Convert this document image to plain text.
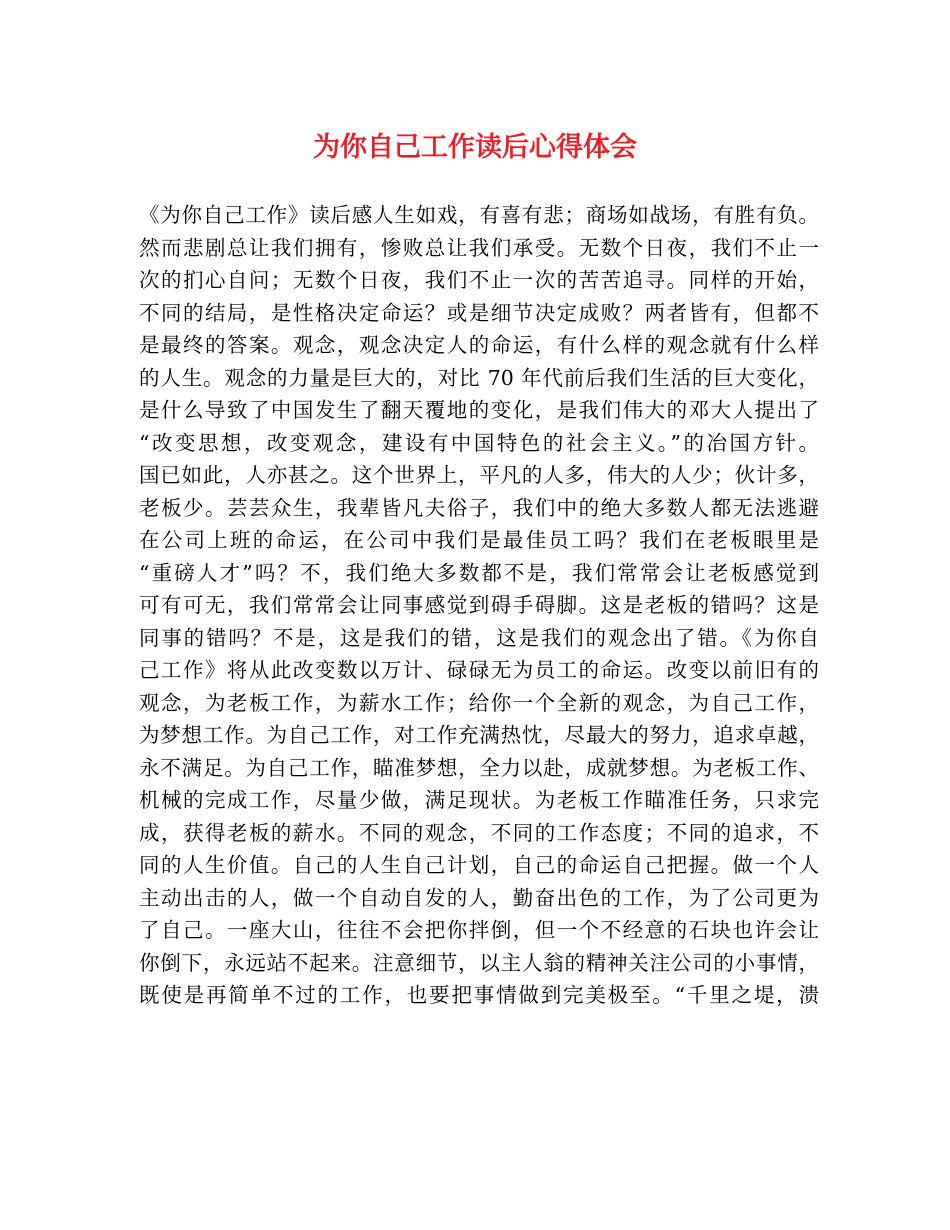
为你自己工作读后心得体会
《为你自己工作》读后感人生如戏，有喜有悲；商场如战场，有胜有负。
然而悲剧总让我们拥有，惨败总让我们承受。无数个日夜，我们不止一
次的扪心自问；无数个日夜，我们不止一次的苦苦追寻。同样的开始，
不同的结局，是性格决定命运？或是细节决定成败？两者皆有，但都不
是最终的答案。观念，观念决定人的命运，有什么样的观念就有什么样
的人生。观念的力量是巨大的，对比 70 年代前后我们生活的巨大变化，
是什么导致了中国发生了翻天覆地的变化，是我们伟大的邓大人提出了
“改变思想，改变观念，建设有中国特色的社会主义。”的冶国方针。
国已如此，人亦甚之。这个世界上，平凡的人多，伟大的人少；伙计多，
老板少。芸芸众生，我辈皆凡夫俗子，我们中的绝大多数人都无法逃避
在公司上班的命运，在公司中我们是最佳员工吗？我们在老板眼里是
“重磅人才”吗？不，我们绝大多数都不是，我们常常会让老板感觉到
可有可无，我们常常会让同事感觉到碍手碍脚。这是老板的错吗？这是
同事的错吗？不是，这是我们的错，这是我们的观念出了错。《为你自
己工作》将从此改变数以万计、碌碌无为员工的命运。改变以前旧有的
观念，为老板工作，为薪水工作；给你一个全新的观念，为自己工作，
为梦想工作。为自己工作，对工作充满热忱，尽最大的努力，追求卓越，
永不满足。为自己工作，瞄准梦想，全力以赴，成就梦想。为老板工作、
机械的完成工作，尽量少做，满足现状。为老板工作瞄准任务，只求完
成，获得老板的薪水。不同的观念，不同的工作态度；不同的追求，不
同的人生价值。自己的人生自己计划，自己的命运自己把握。做一个人
主动出击的人，做一个自动自发的人，勤奋出色的工作，为了公司更为
了自己。一座大山，往往不会把你拌倒，但一个不经意的石块也许会让
你倒下，永远站不起来。注意细节，以主人翁的精神关注公司的小事情，
既使是再简单不过的工作，也要把事情做到完美极至。“千里之堤，溃
